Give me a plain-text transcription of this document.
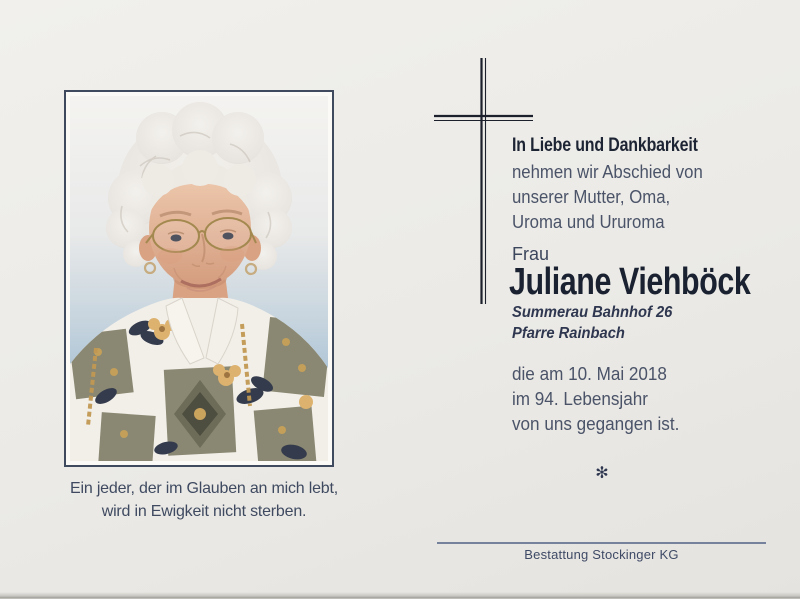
Ein jeder, der im Glauben an mich lebt,
wird in Ewigkeit nicht sterben.
In Liebe und Dankbarkeit
nehmen wir Abschied von
unserer Mutter, Oma,
Uroma und Ururoma
Frau
Juliane Viehböck
Summerau Bahnhof 26
Pfarre Rainbach
die am 10. Mai 2018
im 94. Lebensjahr
von uns gegangen ist.
✻
Bestattung Stockinger KG
